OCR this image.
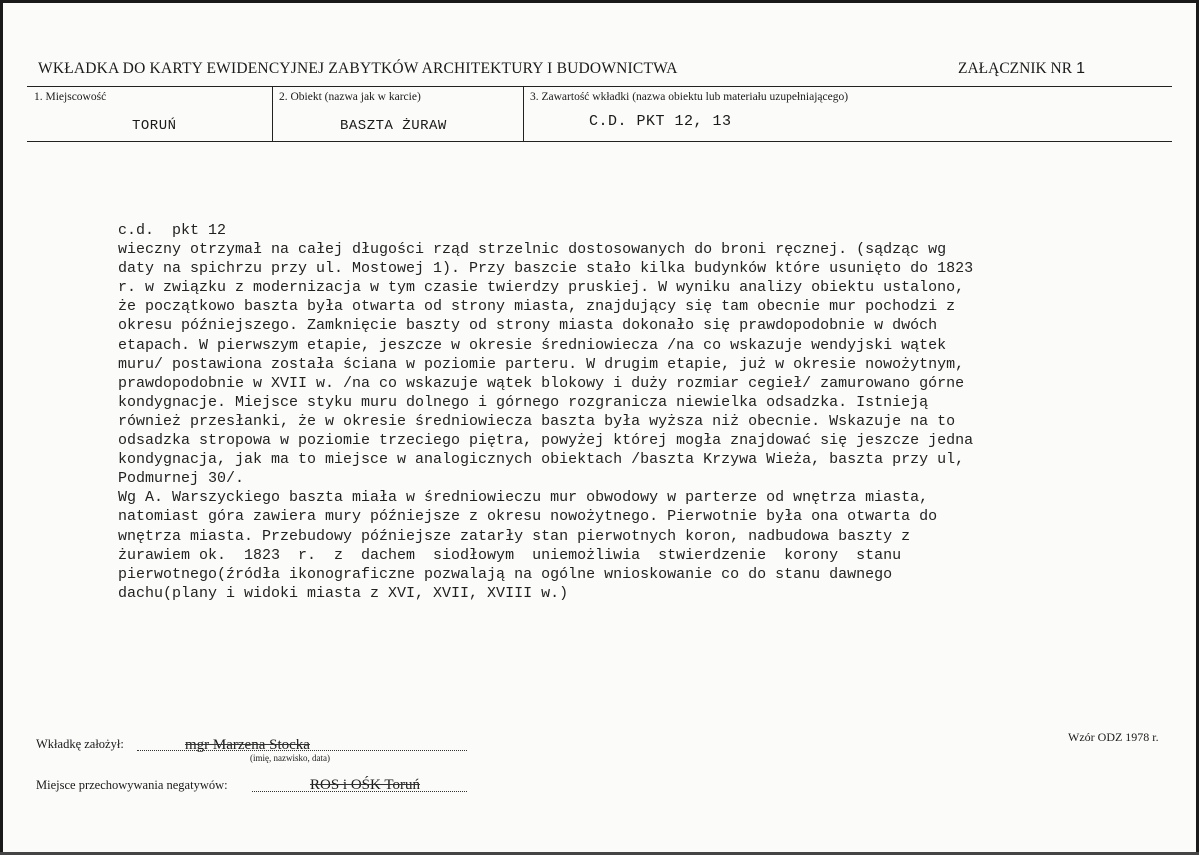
WKŁADKA DO KARTY EWIDENCYJNEJ ZABYTKÓW ARCHITEKTURY I BUDOWNICTWA	ZAŁĄCZNIK NR 1
1. Miejscowość
TORUŃ
2. Obiekt (nazwa jak w karcie)
BASZTA ŻURAW
3. Zawartość wkładki (nazwa obiektu lub materiału uzupełniającego)
C.D. PKT 12, 13
c.d.  pkt 12
wieczny otrzymał na całej długości rząd strzelnic dostosowanych do broni ręcznej. (sądząc wg
daty na spichrzu przy ul. Mostowej 1). Przy baszcie stało kilka budynków które usunięto do 1823
r. w związku z modernizacja w tym czasie twierdzy pruskiej. W wyniku analizy obiektu ustalono,
że początkowo baszta była otwarta od strony miasta, znajdujący się tam obecnie mur pochodzi z
okresu późniejszego. Zamknięcie baszty od strony miasta dokonało się prawdopodobnie w dwóch
etapach. W pierwszym etapie, jeszcze w okresie średniowiecza /na co wskazuje wendyjski wątek
muru/ postawiona została ściana w poziomie parteru. W drugim etapie, już w okresie nowożytnym,
prawdopodobnie w XVII w. /na co wskazuje wątek blokowy i duży rozmiar cegieł/ zamurowano górne
kondygnacje. Miejsce styku muru dolnego i górnego rozgranicza niewielka odsadzka. Istnieją
również przesłanki, że w okresie średniowiecza baszta była wyższa niż obecnie. Wskazuje na to
odsadzka stropowa w poziomie trzeciego piętra, powyżej której mogła znajdować się jeszcze jedna
kondygnacja, jak ma to miejsce w analogicznych obiektach /baszta Krzywa Wieża, baszta przy ul,
Podmurnej 30/.
Wg A. Warszyckiego baszta miała w średniowieczu mur obwodowy w parterze od wnętrza miasta,
natomiast góra zawiera mury późniejsze z okresu nowożytnego. Pierwotnie była ona otwarta do
wnętrza miasta. Przebudowy późniejsze zatarły stan pierwotnych koron, nadbudowa baszty z
żurawiem ok.  1823  r.  z  dachem  siodłowym  uniemożliwia  stwierdzenie  korony  stanu
pierwotnego(źródła ikonograficzne pozwalają na ogólne wnioskowanie co do stanu dawnego
dachu(plany i widoki miasta z XVI, XVII, XVIII w.)
Wkładkę założył:	mgr Marzena Stocka
(imię, nazwisko, data)
Miejsce przechowywania negatywów:	ROS i OŚK Toruń
Wzór ODZ 1978 r.
